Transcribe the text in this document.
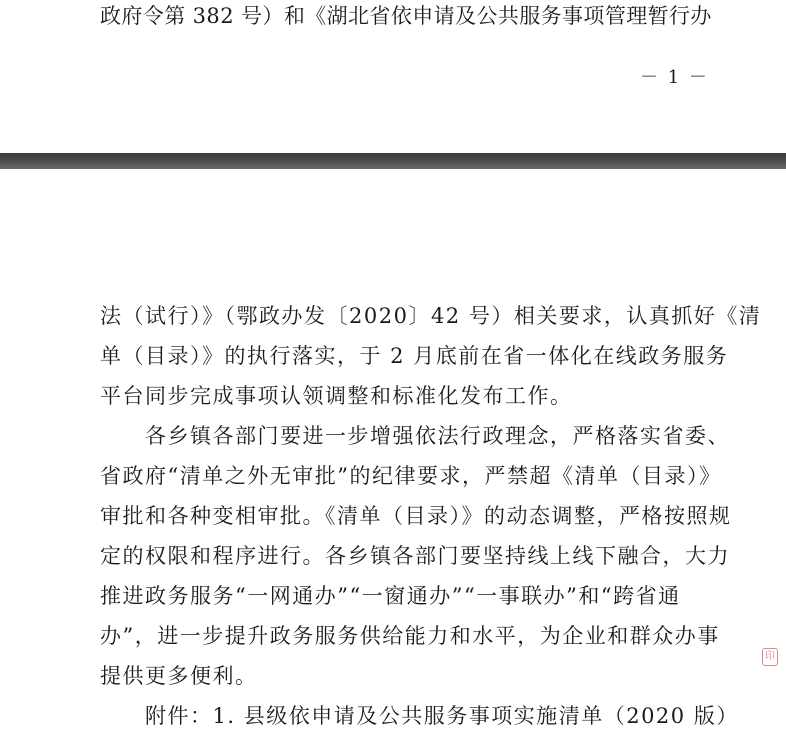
政府令第 382 号）和《湖北省依申请及公共服务事项管理暂行办
－ 1 －
法（试行）》（鄂政办发〔2020〕42 号）相关要求，认真抓好《清
单（目录）》的执行落实，于 2 月底前在省一体化在线政务服务
平台同步完成事项认领调整和标准化发布工作。
　　各乡镇各部门要进一步增强依法行政理念，严格落实省委、
省政府“清单之外无审批”的纪律要求，严禁超《清单（目录）》
审批和各种变相审批。《清单（目录）》的动态调整，严格按照规
定的权限和程序进行。各乡镇各部门要坚持线上线下融合，大力
推进政务服务“一网通办”“一窗通办”“一事联办”和“跨省通
办”，进一步提升政务服务供给能力和水平，为企业和群众办事
提供更多便利。
　　附件：1. 县级依申请及公共服务事项实施清单（2020 版）
印
